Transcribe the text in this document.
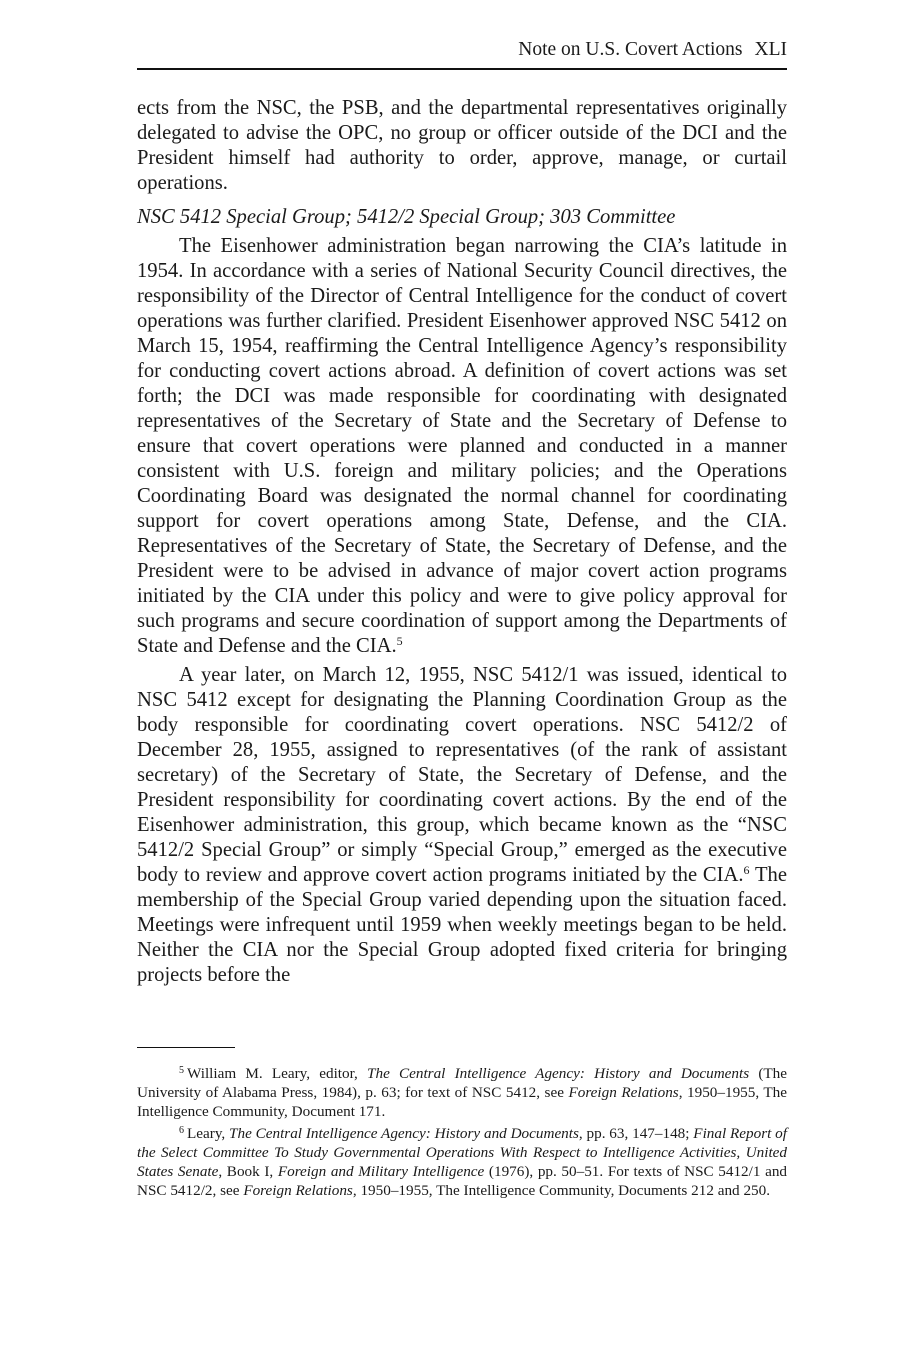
Note on U.S. Covert Actions XLI

ects from the NSC, the PSB, and the departmental representatives originally delegated to advise the OPC, no group or officer outside of the DCI and the President himself had authority to order, approve, manage, or curtail operations.

NSC 5412 Special Group; 5412/2 Special Group; 303 Committee

The Eisenhower administration began narrowing the CIA’s latitude in 1954. In accordance with a series of National Security Council directives, the responsibility of the Director of Central Intelligence for the conduct of covert operations was further clarified. President Eisenhower approved NSC 5412 on March 15, 1954, reaffirming the Central Intelligence Agency’s responsibility for conducting covert actions abroad. A definition of covert actions was set forth; the DCI was made responsible for coordinating with designated representatives of the Secretary of State and the Secretary of Defense to ensure that covert operations were planned and conducted in a manner consistent with U.S. foreign and military policies; and the Operations Coordinating Board was designated the normal channel for coordinating support for covert operations among State, Defense, and the CIA. Representatives of the Secretary of State, the Secretary of Defense, and the President were to be advised in advance of major covert action programs initiated by the CIA under this policy and were to give policy approval for such programs and secure coordination of support among the Departments of State and Defense and the CIA.$^5$

A year later, on March 12, 1955, NSC 5412/1 was issued, identical to NSC 5412 except for designating the Planning Coordination Group as the body responsible for coordinating covert operations. NSC 5412/2 of December 28, 1955, assigned to representatives (of the rank of assistant secretary) of the Secretary of State, the Secretary of Defense, and the President responsibility for coordinating covert actions. By the end of the Eisenhower administration, this group, which became known as the “NSC 5412/2 Special Group” or simply “Special Group,” emerged as the executive body to review and approve covert action programs initiated by the CIA.$^6$ The membership of the Special Group varied depending upon the situation faced. Meetings were infrequent until 1959 when weekly meetings began to be held. Neither the CIA nor the Special Group adopted fixed criteria for bringing projects before the

$^5$ William M. Leary, editor, The Central Intelligence Agency: History and Documents (The University of Alabama Press, 1984), p. 63; for text of NSC 5412, see Foreign Relations, 1950–1955, The Intelligence Community, Document 171.

$^6$ Leary, The Central Intelligence Agency: History and Documents, pp. 63, 147–148; Final Report of the Select Committee To Study Governmental Operations With Respect to Intelligence Activities, United States Senate, Book I, Foreign and Military Intelligence (1976), pp. 50–51. For texts of NSC 5412/1 and NSC 5412/2, see Foreign Relations, 1950–1955, The Intelligence Community, Documents 212 and 250.
